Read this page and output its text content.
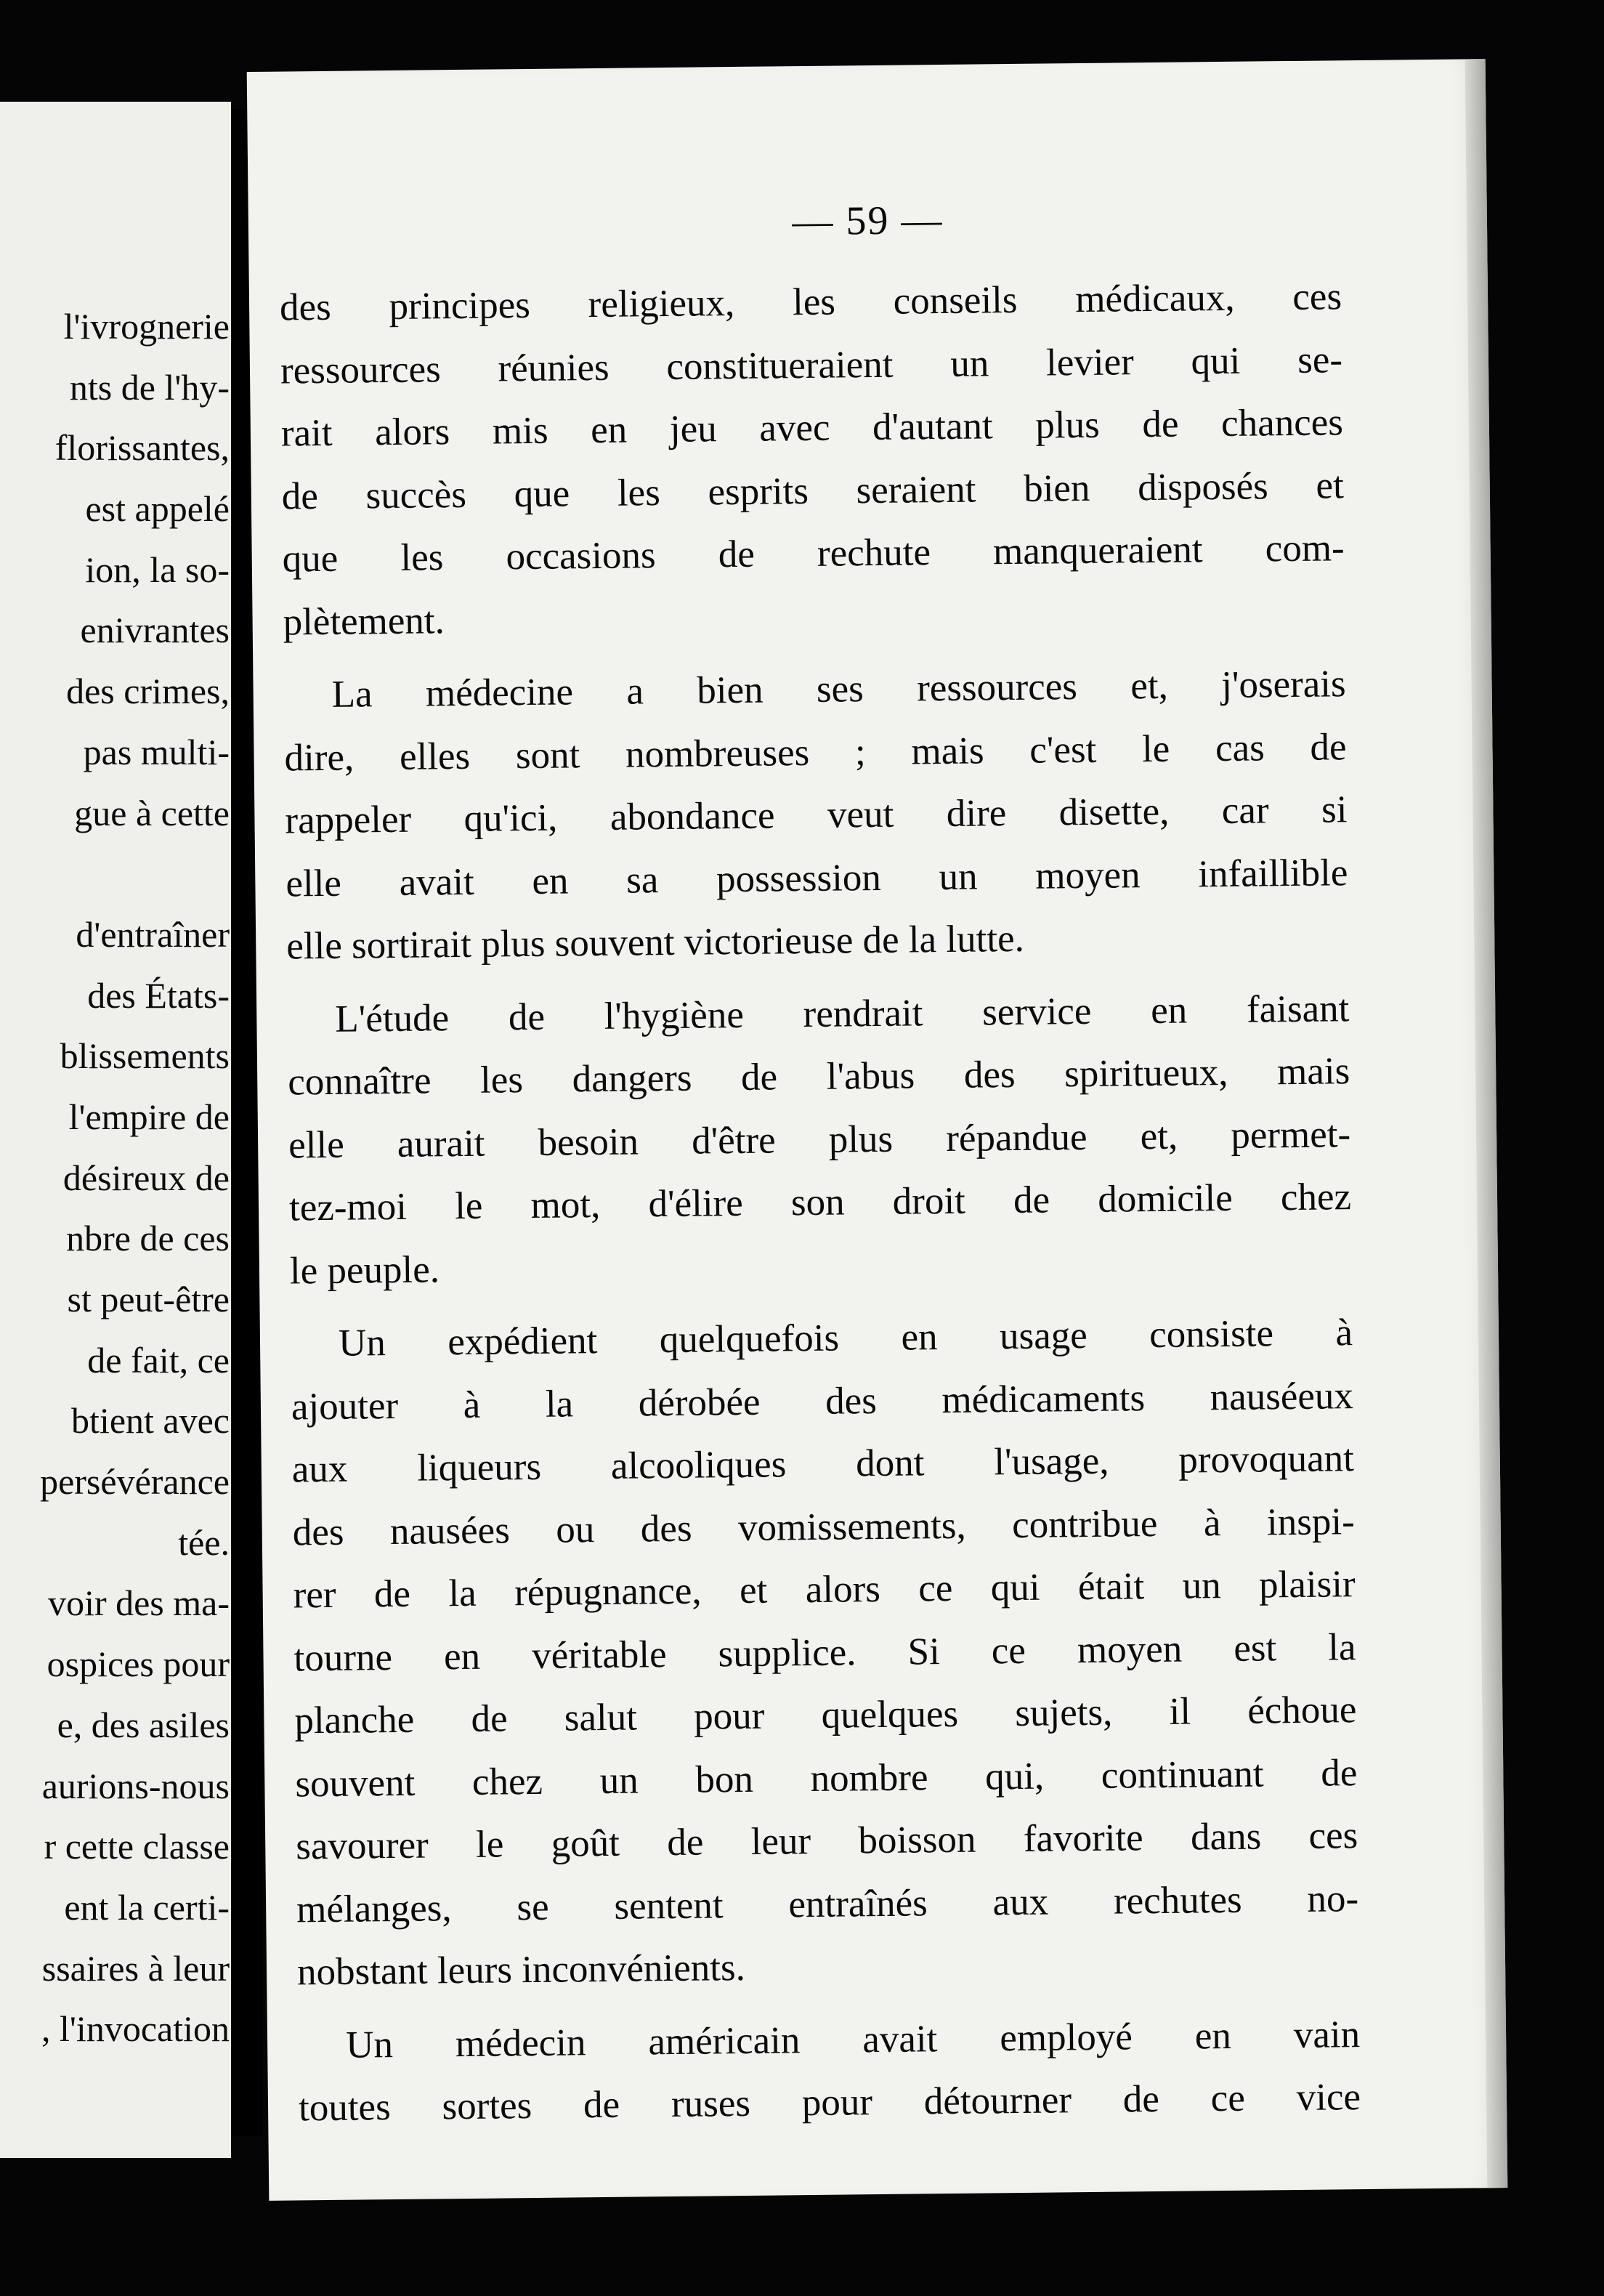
l'ivrognerie
nts de l'hy-
florissantes,
est appelé
ion, la so-
enivrantes
des crimes,
pas multi-
gue à cette
d'entraîner
des États-
blissements
l'empire de
désireux de
nbre de ces
st peut-être
de fait, ce
btient avec
persévérance
tée.
voir des ma-
ospices pour
e, des asiles
aurions-nous
r cette classe
ent la certi-
ssaires à leur
, l'invocation
— 59 —
des principes religieux, les conseils médicaux, ces
ressources réunies constitueraient un levier qui se-
rait alors mis en jeu avec d'autant plus de chances
de succès que les esprits seraient bien disposés et
que les occasions de rechute manqueraient com-
plètement.
La médecine a bien ses ressources et, j'oserais
dire, elles sont nombreuses ; mais c'est le cas de
rappeler qu'ici, abondance veut dire disette, car si
elle avait en sa possession un moyen infaillible
elle sortirait plus souvent victorieuse de la lutte.
L'étude de l'hygiène rendrait service en faisant
connaître les dangers de l'abus des spiritueux, mais
elle aurait besoin d'être plus répandue et, permet-
tez-moi le mot, d'élire son droit de domicile chez
le peuple.
Un expédient quelquefois en usage consiste à
ajouter à la dérobée des médicaments nauséeux
aux liqueurs alcooliques dont l'usage, provoquant
des nausées ou des vomissements, contribue à inspi-
rer de la répugnance, et alors ce qui était un plaisir
tourne en véritable supplice. Si ce moyen est la
planche de salut pour quelques sujets, il échoue
souvent chez un bon nombre qui, continuant de
savourer le goût de leur boisson favorite dans ces
mélanges, se sentent entraînés aux rechutes no-
nobstant leurs inconvénients.
Un médecin américain avait employé en vain
toutes sortes de ruses pour détourner de ce vice
